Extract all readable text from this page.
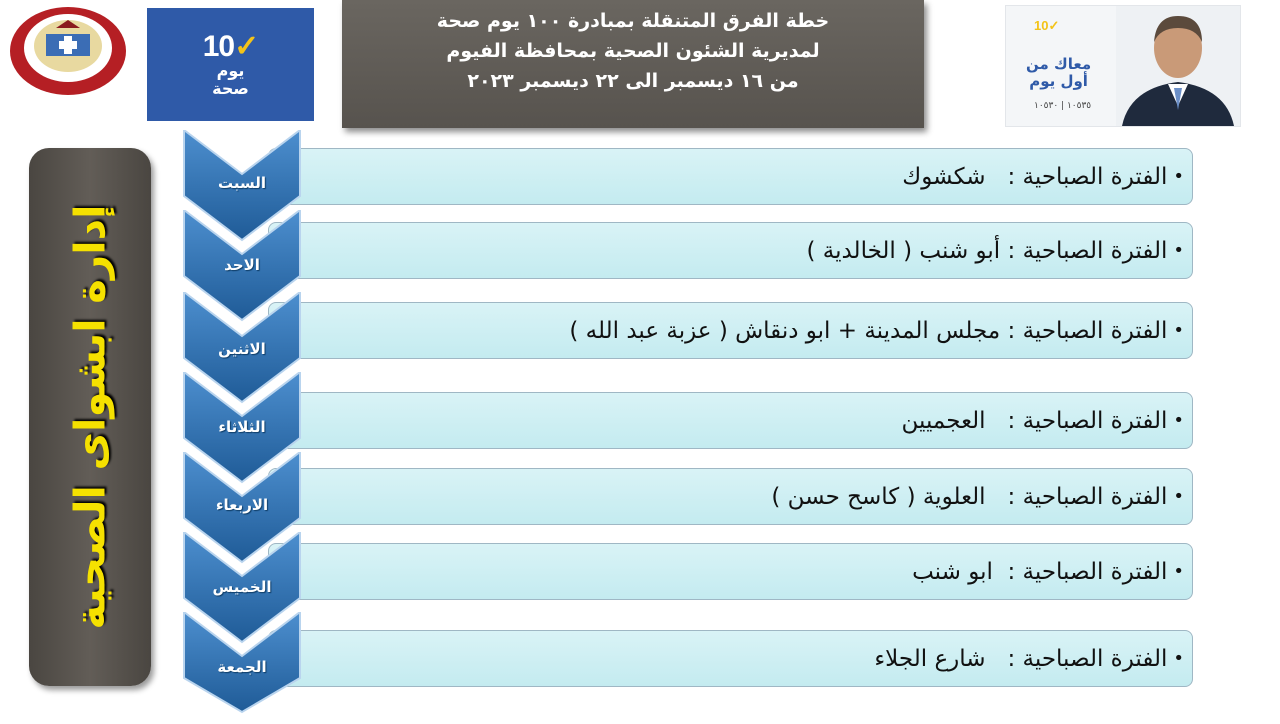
10✓
يوم
صحة
خطة الفرق المتنقلة بمبادرة ١٠٠ يوم صحة
لمديرية الشئون الصحية بمحافظة الفيوم
من ١٦ ديسمبر الى ٢٢ ديسمبر ٢٠٢٣
10✓
معاك من
أول يوم
١٠٥٣٥ | ١٠٥٣٠
إدارة ابشواى الصحية
•
الفترة الصباحية :   شكشوك
•
الفترة الصباحية : أبو شنب ( الخالدية )
•
الفترة الصباحية : مجلس المدينة + ابو دنقاش ( عزبة عبد الله )
•
الفترة الصباحية :   العجميين
•
الفترة الصباحية :   العلوية ( كاسح حسن )
•
الفترة الصباحية :  ابو شنب
•
الفترة الصباحية :   شارع الجلاء
السبت
الاحد
الاثنين
الثلاثاء
الاربعاء
الخميس
الجمعة
